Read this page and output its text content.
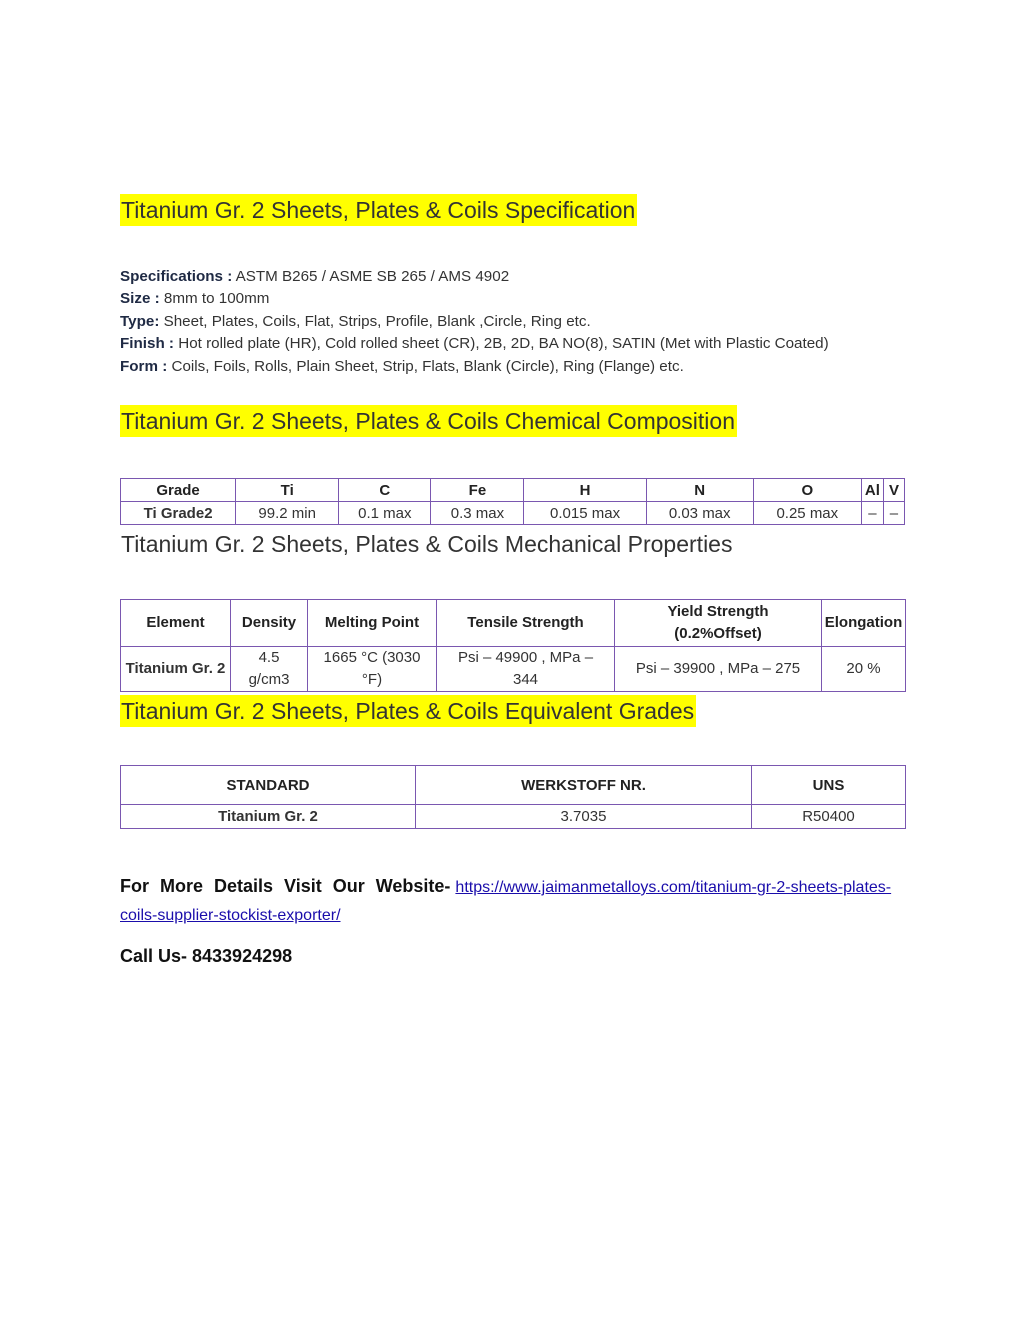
Titanium Gr. 2 Sheets, Plates & Coils Specification
Specifications : ASTM B265 / ASME SB 265 / AMS 4902
Size : 8mm to 100mm
Type: Sheet, Plates, Coils, Flat, Strips, Profile, Blank ,Circle, Ring etc.
Finish : Hot rolled plate (HR), Cold rolled sheet (CR), 2B, 2D, BA NO(8), SATIN (Met with Plastic Coated)
Form : Coils, Foils, Rolls, Plain Sheet, Strip, Flats, Blank (Circle), Ring (Flange) etc.
Titanium Gr. 2 Sheets, Plates & Coils Chemical Composition
Grade	Ti	C	Fe	H	N	O	Al	V
Ti Grade2	99.2 min	0.1 max	0.3 max	0.015 max	0.03 max	0.25 max	–	–
Titanium Gr. 2 Sheets, Plates & Coils Mechanical Properties
Element	Density	Melting Point	Tensile Strength	Yield Strength (0.2%Offset)	Elongation
Titanium Gr. 2	4.5 g/cm3	1665 °C (3030 °F)	Psi – 49900 , MPa – 344	Psi – 39900 , MPa – 275	20 %
Titanium Gr. 2 Sheets, Plates & Coils Equivalent Grades
STANDARD	WERKSTOFF NR.	UNS
Titanium Gr. 2	3.7035	R50400
For More Details Visit Our Website- https://www.jaimanmetalloys.com/titanium-gr-2-sheets-plates-coils-supplier-stockist-exporter/
Call Us- 8433924298
